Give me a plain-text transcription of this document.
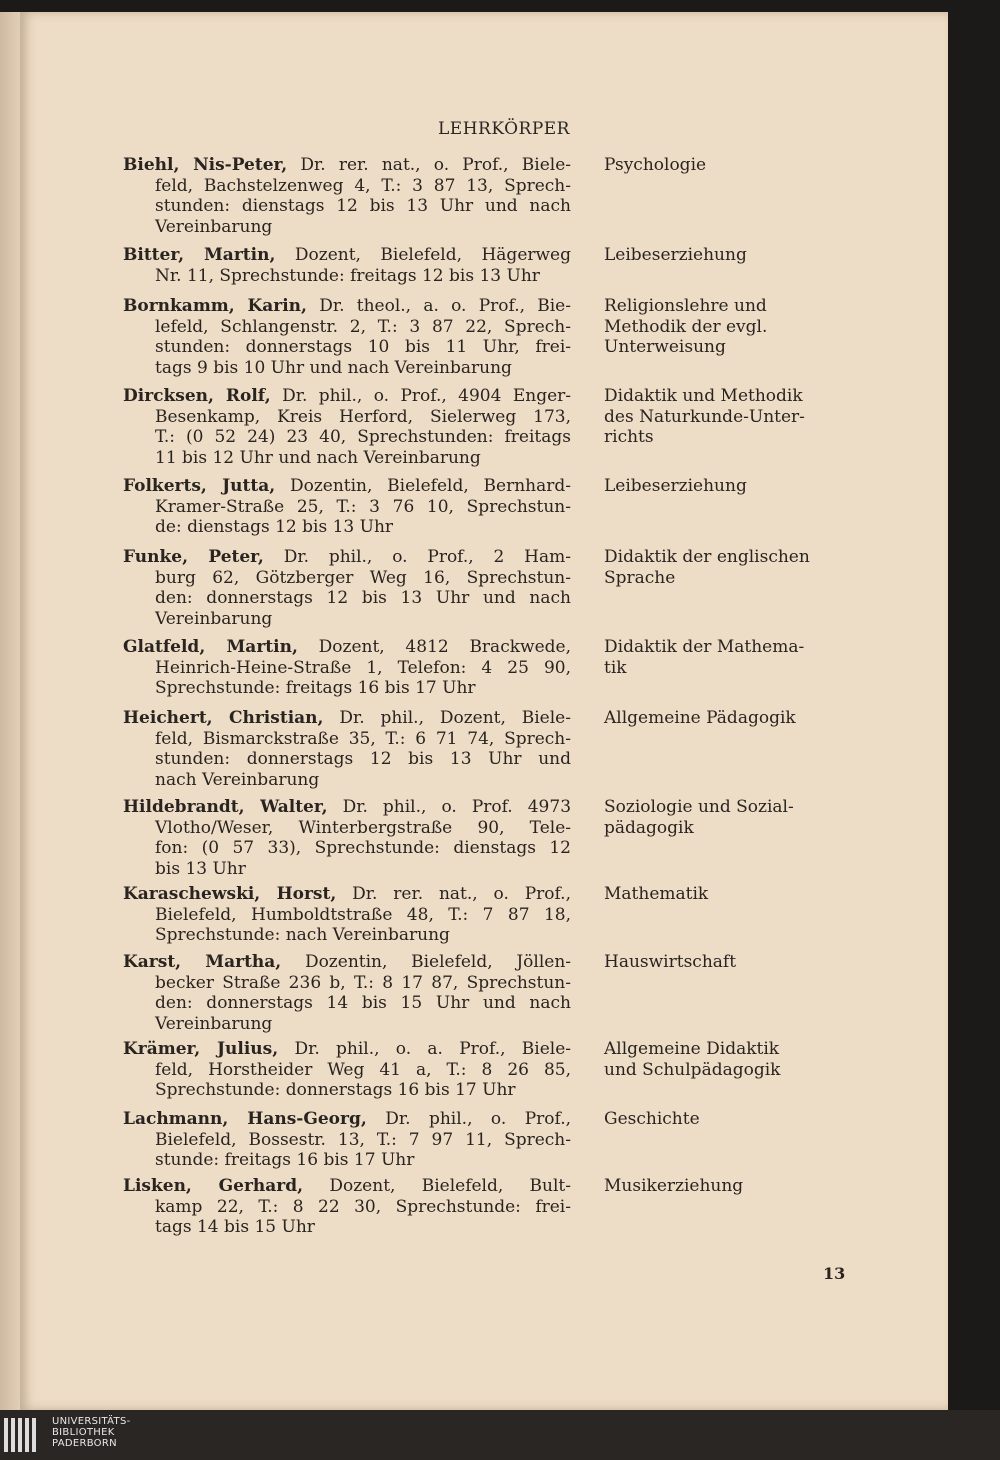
LEHRKÖRPER
Biehl, Nis-Peter, Dr. rer. nat., o. Prof., Biele-
feld, Bachstelzenweg 4, T.: 3 87 13, Sprech-
stunden: dienstags 12 bis 13 Uhr und nach
Vereinbarung
Psychologie
Bitter, Martin, Dozent, Bielefeld, Hägerweg
Nr. 11, Sprechstunde: freitags 12 bis 13 Uhr
Leibeserziehung
Bornkamm, Karin, Dr. theol., a. o. Prof., Bie-
lefeld, Schlangenstr. 2, T.: 3 87 22, Sprech-
stunden: donnerstags 10 bis 11 Uhr, frei-
tags 9 bis 10 Uhr und nach Vereinbarung
Religionslehre und
Methodik der evgl.
Unterweisung
Dircksen, Rolf, Dr. phil., o. Prof., 4904 Enger-
Besenkamp, Kreis Herford, Sielerweg 173,
T.: (0 52 24) 23 40, Sprechstunden: freitags
11 bis 12 Uhr und nach Vereinbarung
Didaktik und Methodik
des Naturkunde-Unter-
richts
Folkerts, Jutta, Dozentin, Bielefeld, Bernhard-
Kramer-Straße 25, T.: 3 76 10, Sprechstun-
de: dienstags 12 bis 13 Uhr
Leibeserziehung
Funke, Peter, Dr. phil., o. Prof., 2 Ham-
burg 62, Götzberger Weg 16, Sprechstun-
den: donnerstags 12 bis 13 Uhr und nach
Vereinbarung
Didaktik der englischen
Sprache
Glatfeld, Martin, Dozent, 4812 Brackwede,
Heinrich-Heine-Straße 1, Telefon: 4 25 90,
Sprechstunde: freitags 16 bis 17 Uhr
Didaktik der Mathema-
tik
Heichert, Christian, Dr. phil., Dozent, Biele-
feld, Bismarckstraße 35, T.: 6 71 74, Sprech-
stunden: donnerstags 12 bis 13 Uhr und
nach Vereinbarung
Allgemeine Pädagogik
Hildebrandt, Walter, Dr. phil., o. Prof. 4973
Vlotho/Weser, Winterbergstraße 90, Tele-
fon: (0 57 33), Sprechstunde: dienstags 12
bis 13 Uhr
Soziologie und Sozial-
pädagogik
Karaschewski, Horst, Dr. rer. nat., o. Prof.,
Bielefeld, Humboldtstraße 48, T.: 7 87 18,
Sprechstunde: nach Vereinbarung
Mathematik
Karst, Martha, Dozentin, Bielefeld, Jöllen-
becker Straße 236 b, T.: 8 17 87, Sprechstun-
den: donnerstags 14 bis 15 Uhr und nach
Vereinbarung
Hauswirtschaft
Krämer, Julius, Dr. phil., o. a. Prof., Biele-
feld, Horstheider Weg 41 a, T.: 8 26 85,
Sprechstunde: donnerstags 16 bis 17 Uhr
Allgemeine Didaktik
und Schulpädagogik
Lachmann, Hans-Georg, Dr. phil., o. Prof.,
Bielefeld, Bossestr. 13, T.: 7 97 11, Sprech-
stunde: freitags 16 bis 17 Uhr
Geschichte
Lisken, Gerhard, Dozent, Bielefeld, Bult-
kamp 22, T.: 8 22 30, Sprechstunde: frei-
tags 14 bis 15 Uhr
Musikerziehung
13
UNIVERSITÄTS-
BIBLIOTHEK
PADERBORN
